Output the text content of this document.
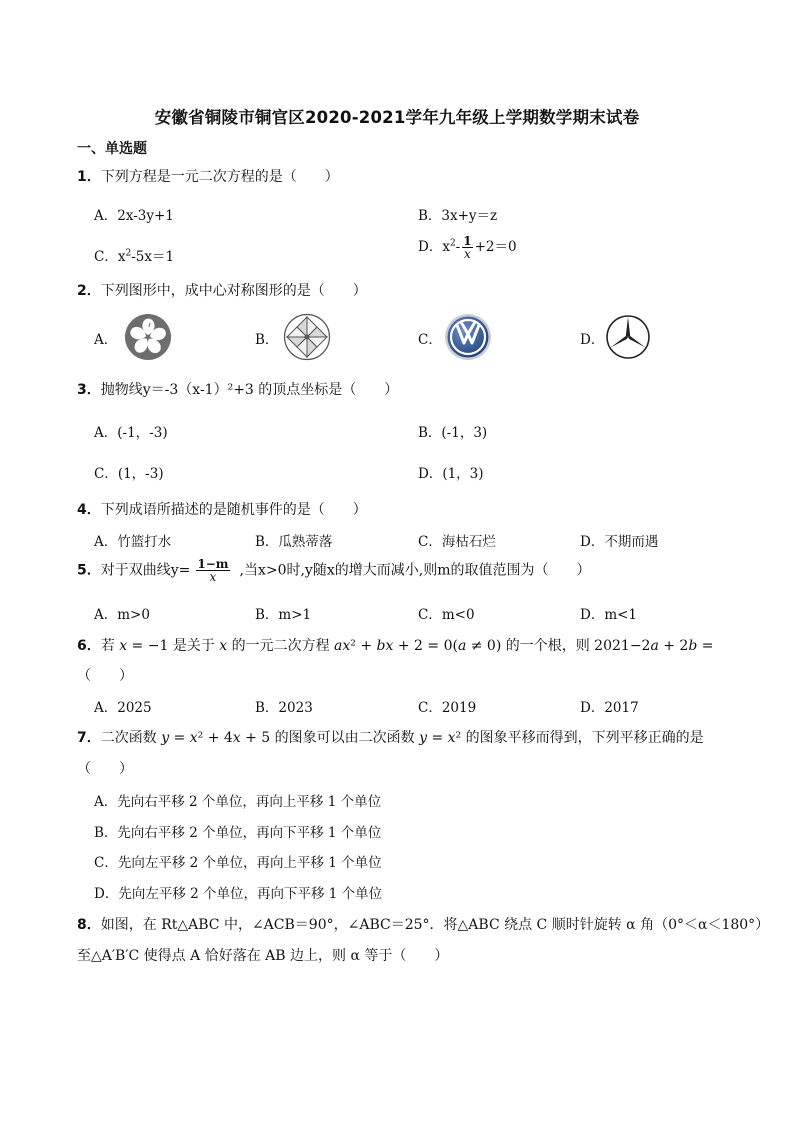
安徽省铜陵市铜官区2020-2021学年九年级上学期数学期末试卷
一、单选题
1．下列方程是一元二次方程的是（　　）
A．2x-3y+1	B．3x+y＝z
C．$x^2-5x=1$
D．$x^2- \frac{1}{x} +2=0$
2．下列图形中，成中心对称图形的是（　　）
A．	B．	C．	D．
3．抛物线y＝-3（x-1）²+3 的顶点坐标是（　　）
A．(-1，-3)	B．(-1，3)
C．(1，-3)	D．(1，3)
4．下列成语所描述的是随机事件的是（　　）
A．竹篮打水	B．瓜熟蒂落	C．海枯石烂	D．不期而遇
5．对于双曲线$y= \frac{1-m}{x}$ ,当x>0时,y随x的增大而减小,则m的取值范围为（　　）
A．m>0	B．m>1	C．m<0	D．m<1
6．若 𝑥 = −1 是关于 𝑥 的一元二次方程 𝑎𝑥² + 𝑏𝑥 + 2 = 0(𝑎 ≠ 0) 的一个根，则 2021−2𝑎 + 2𝑏 =
（　　）
A．2025	B．2023	C．2019	D．2017
7．二次函数 𝑦 = 𝑥² + 4𝑥 + 5 的图象可以由二次函数 𝑦 = 𝑥² 的图象平移而得到，下列平移正确的是
（　　）
A．先向右平移 2 个单位，再向上平移 1 个单位
B．先向右平移 2 个单位，再向下平移 1 个单位
C．先向左平移 2 个单位，再向上平移 1 个单位
D．先向左平移 2 个单位，再向下平移 1 个单位
8．如图，在 Rt△ABC 中，∠ACB＝90°，∠ABC＝25°．将△ABC 绕点 C 顺时针旋转 α 角（0°＜α＜180°）
至△A′B′C 使得点 A 恰好落在 AB 边上，则 α 等于（　　）
